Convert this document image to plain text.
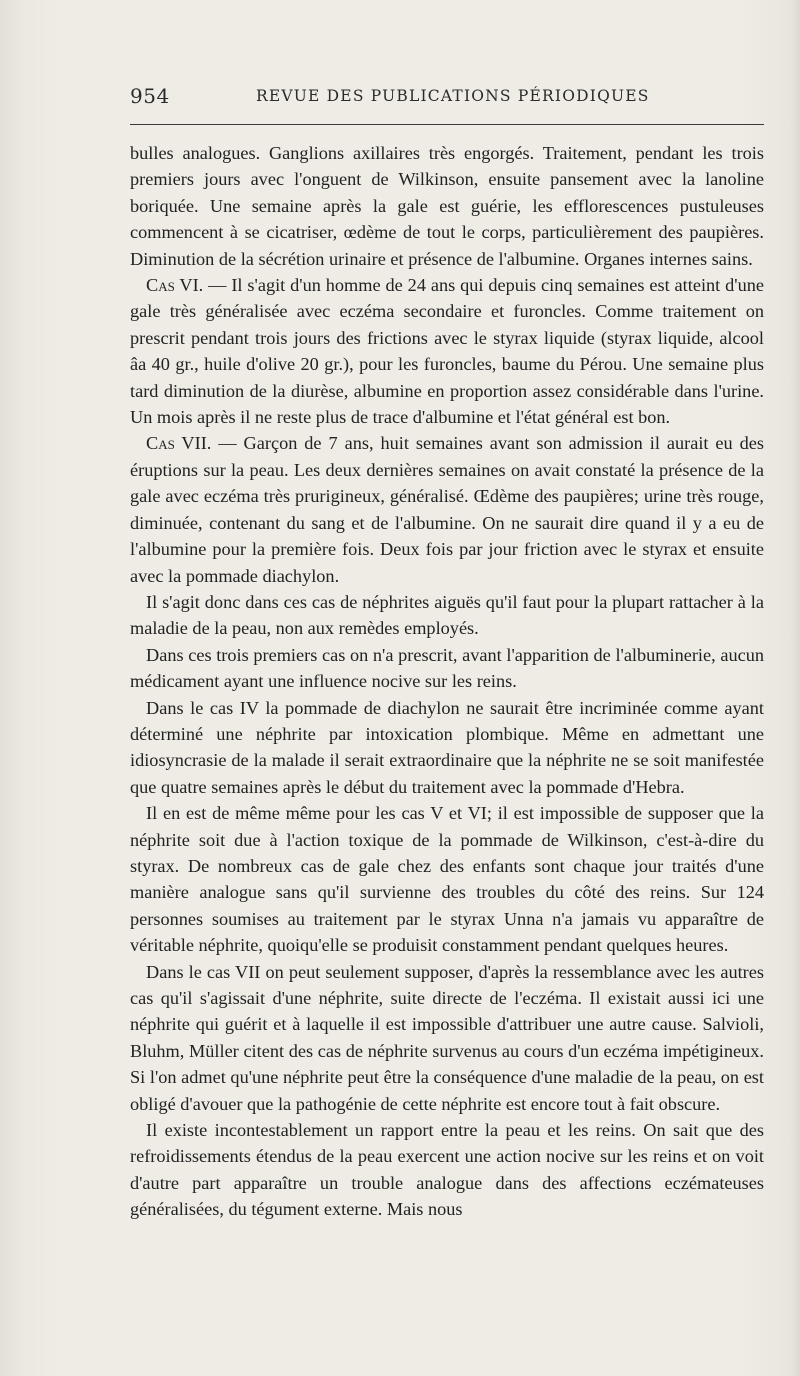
954	REVUE DES PUBLICATIONS PÉRIODIQUES

bulles analogues. Ganglions axillaires très engorgés. Traitement, pendant les trois premiers jours avec l'onguent de Wilkinson, ensuite pansement avec la lanoline boriquée. Une semaine après la gale est guérie, les efflorescences pustuleuses commencent à se cicatriser, œdème de tout le corps, particulièrement des paupières. Diminution de la sécrétion urinaire et présence de l'albumine. Organes internes sains.

Cas VI. — Il s'agit d'un homme de 24 ans qui depuis cinq semaines est atteint d'une gale très généralisée avec eczéma secondaire et furoncles. Comme traitement on prescrit pendant trois jours des frictions avec le styrax liquide (styrax liquide, alcool âa 40 gr., huile d'olive 20 gr.), pour les furoncles, baume du Pérou. Une semaine plus tard diminution de la diurèse, albumine en proportion assez considérable dans l'urine. Un mois après il ne reste plus de trace d'albumine et l'état général est bon.

Cas VII. — Garçon de 7 ans, huit semaines avant son admission il aurait eu des éruptions sur la peau. Les deux dernières semaines on avait constaté la présence de la gale avec eczéma très prurigineux, généralisé. Œdème des paupières; urine très rouge, diminuée, contenant du sang et de l'albumine. On ne saurait dire quand il y a eu de l'albumine pour la première fois. Deux fois par jour friction avec le styrax et ensuite avec la pommade diachylon.

Il s'agit donc dans ces cas de néphrites aiguës qu'il faut pour la plupart rattacher à la maladie de la peau, non aux remèdes employés.

Dans ces trois premiers cas on n'a prescrit, avant l'apparition de l'albuminerie, aucun médicament ayant une influence nocive sur les reins.

Dans le cas IV la pommade de diachylon ne saurait être incriminée comme ayant déterminé une néphrite par intoxication plombique. Même en admettant une idiosyncrasie de la malade il serait extraordinaire que la néphrite ne se soit manifestée que quatre semaines après le début du traitement avec la pommade d'Hebra.

Il en est de même même pour les cas V et VI; il est impossible de supposer que la néphrite soit due à l'action toxique de la pommade de Wilkinson, c'est-à-dire du styrax. De nombreux cas de gale chez des enfants sont chaque jour traités d'une manière analogue sans qu'il survienne des troubles du côté des reins. Sur 124 personnes soumises au traitement par le styrax Unna n'a jamais vu apparaître de véritable néphrite, quoiqu'elle se produisit constamment pendant quelques heures.

Dans le cas VII on peut seulement supposer, d'après la ressemblance avec les autres cas qu'il s'agissait d'une néphrite, suite directe de l'eczéma. Il existait aussi ici une néphrite qui guérit et à laquelle il est impossible d'attribuer une autre cause. Salvioli, Bluhm, Müller citent des cas de néphrite survenus au cours d'un eczéma impétigineux. Si l'on admet qu'une néphrite peut être la conséquence d'une maladie de la peau, on est obligé d'avouer que la pathogénie de cette néphrite est encore tout à fait obscure.

Il existe incontestablement un rapport entre la peau et les reins. On sait que des refroidissements étendus de la peau exercent une action nocive sur les reins et on voit d'autre part apparaître un trouble analogue dans des affections eczémateuses généralisées, du tégument externe. Mais nous
